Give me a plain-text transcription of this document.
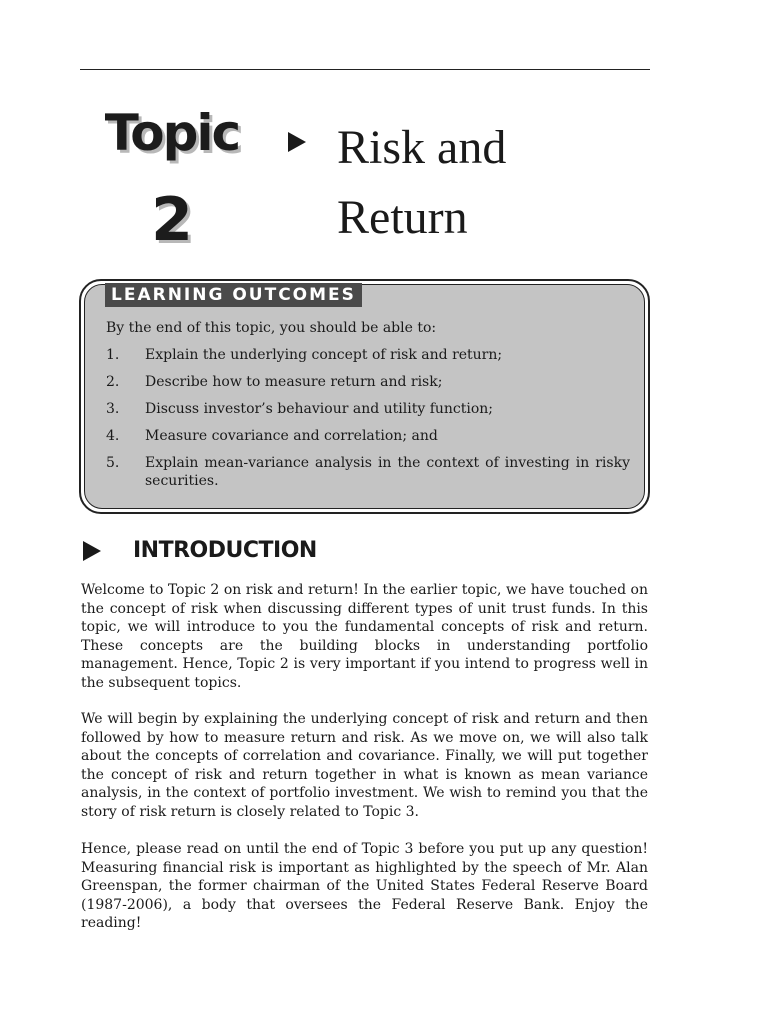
Topic
2
Risk and
Return
LEARNING OUTCOMES
By the end of this topic, you should be able to:
1.	Explain the underlying concept of risk and return;
2.	Describe how to measure return and risk;
3.	Discuss investor’s behaviour and utility function;
4.	Measure covariance and correlation; and
5.	Explain mean-variance analysis in the context of investing in risky securities.
INTRODUCTION

Welcome to Topic 2 on risk and return! In the earlier topic, we have touched on the concept of risk when discussing different types of unit trust funds. In this topic, we will introduce to you the fundamental concepts of risk and return. These concepts are the building blocks in understanding portfolio management. Hence, Topic 2 is very important if you intend to progress well in the subsequent topics.

We will begin by explaining the underlying concept of risk and return and then followed by how to measure return and risk. As we move on, we will also talk about the concepts of correlation and covariance. Finally, we will put together the concept of risk and return together in what is known as mean variance analysis, in the context of portfolio investment. We wish to remind you that the story of risk return is closely related to Topic 3.

Hence, please read on until the end of Topic 3 before you put up any question! Measuring financial risk is important as highlighted by the speech of Mr. Alan Greenspan, the former chairman of the United States Federal Reserve Board (1987-2006), a body that oversees the Federal Reserve Bank. Enjoy the reading!
